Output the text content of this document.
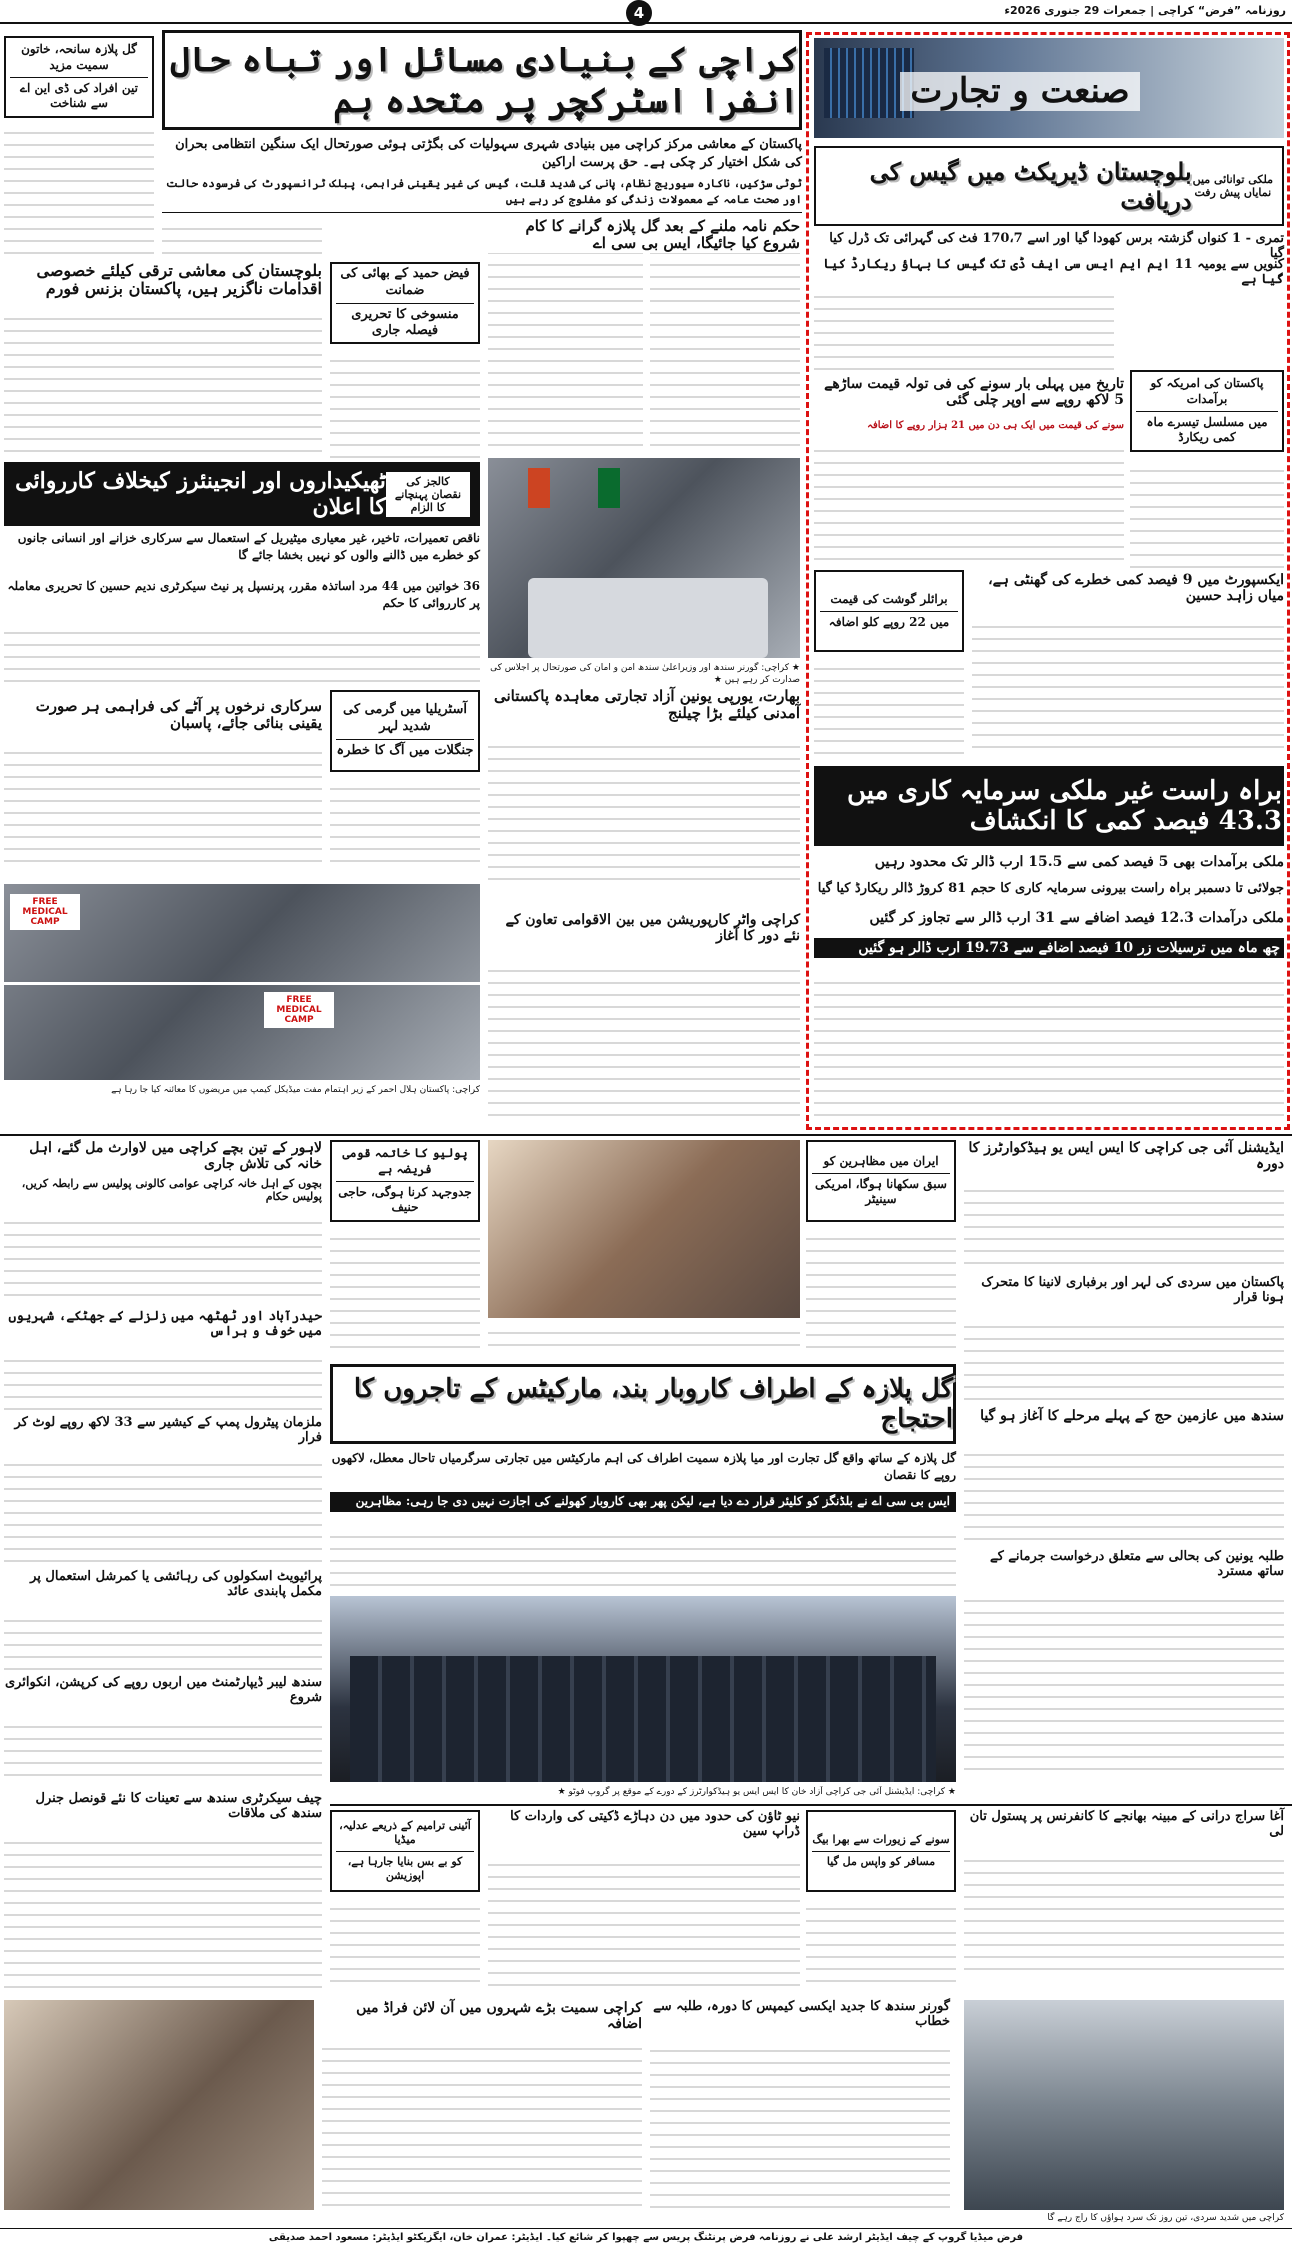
4	روزنامہ ”فرض“ کراچی | جمعرات 29 جنوری 2026ء
گل پلازہ سانحہ، خاتون سمیت مزید
تین افراد کی ڈی این اے سے شناخت
کراچی کے بنیادی مسائل اور تباہ حال انفرا اسٹرکچر پر متحدہ ہم
پاکستان کے معاشی مرکز کراچی میں بنیادی شہری سہولیات کی بگڑتی ہوئی صورتحال ایک سنگین انتظامی بحران کی شکل اختیار کر چکی ہے۔ حق پرست اراکین
ٹوٹی سڑکیں، ناکارہ سیوریج نظام، پانی کی شدید قلت، گیس کی غیر یقینی فراہمی، پبلک ٹرانسپورٹ کی فرسودہ حالت اور صحت عامہ کے معمولات زندگی کو مفلوج کر رہے ہیں
بلوچستان کی معاشی ترقی کیلئے خصوصی اقدامات ناگزیر ہیں، پاکستان بزنس فورم
فیض حمید کے بھائی کی ضمانت
منسوخی کا تحریری فیصلہ جاری
حکم نامہ ملنے کے بعد گل پلازہ گرانے کا کام شروع کیا جائیگا، ایس بی سی اے
ٹھیکیداروں اور انجینئرز کیخلاف کارروائی کا اعلان
کالجز کی نقصان پہنچانے کا الزام
ناقص تعمیرات، تاخیر، غیر معیاری میٹیریل کے استعمال سے سرکاری خزانے اور انسانی جانوں کو خطرے میں ڈالنے والوں کو نہیں بخشا جائے گا
36 خواتین میں 44 مرد اساتذہ مقرر، پرنسپل پر نیٹ سیکرٹری ندیم حسین کا تحریری معاملہ پر کارروائی کا حکم
★ کراچی: گورنر سندھ اور وزیراعلیٰ سندھ امن و امان کی صورتحال پر اجلاس کی صدارت کر رہے ہیں ★
سرکاری نرخوں پر آٹے کی فراہمی ہر صورت یقینی بنائی جائے، پاسبان
آسٹریلیا میں گرمی کی شدید لہر
جنگلات میں آگ کا خطرہ
بھارت، یورپی یونین آزاد تجارتی معاہدہ پاکستانی آمدنی کیلئے بڑا چیلنج
کراچی واٹر کارپوریشن میں بین الاقوامی تعاون کے نئے دور کا آغاز
FREE MEDICAL CAMP
FREE MEDICAL CAMP
کراچی: پاکستان ہلال احمر کے زیر اہتمام مفت میڈیکل کیمپ میں مریضوں کا معائنہ کیا جا رہا ہے
صنعت و تجارت
بلوچستان ڈیریکٹ میں گیس کی دریافت
ملکی توانائی میں نمایاں پیش رفت
تمری - 1 کنواں گزشتہ برس کھودا گیا اور اسے 170،7 فٹ کی گہرائی تک ڈرل کیا گیا
کنویں سے یومیہ 11 ایم ایم ایس سی ایف ڈی تک گیس کا بہاؤ ریکارڈ کیا گیا ہے
پاکستان کی امریکہ کو برآمدات
میں مسلسل تیسرے ماہ کمی ریکارڈ
تاریخ میں پہلی بار سونے کی فی تولہ قیمت ساڑھے 5 لاکھ روپے سے اوپر چلی گئی
سونے کی قیمت میں ایک ہی دن میں 21 ہزار روپے کا اضافہ
برائلر گوشت کی قیمت
میں 22 روپے کلو اضافہ
ایکسپورٹ میں 9 فیصد کمی خطرے کی گھنٹی ہے، میاں زاہد حسین
براہ راست غیر ملکی سرمایہ کاری میں 43.3 فیصد کمی کا انکشاف
ملکی برآمدات بھی 5 فیصد کمی سے 15.5 ارب ڈالر تک محدود رہیں
جولائی تا دسمبر براہ راست بیرونی سرمایہ کاری کا حجم 81 کروڑ ڈالر ریکارڈ کیا گیا
ملکی درآمدات 12.3 فیصد اضافے سے 31 ارب ڈالر سے تجاوز کر گئیں
چھ ماہ میں ترسیلات زر 10 فیصد اضافے سے 19.73 ارب ڈالر ہو گئیں
لاہور کے تین بچے کراچی میں لاوارث مل گئے، اہل خانہ کی تلاش جاری
بچوں کے اہل خانہ کراچی عوامی کالونی پولیس سے رابطہ کریں، پولیس حکام
پولیو کا خاتمہ قومی فریضہ ہے
جدوجہد کرنا ہوگی، حاجی حنیف
ایران میں مظاہرین کو
سبق سکھانا ہوگا، امریکی سینیٹر
ایڈیشنل آئی جی کراچی کا ایس ایس یو ہیڈکوارٹرز کا دورہ
پاکستان میں سردی کی لہر اور برفباری لانینا کا متحرک ہونا قرار
سندھ میں عازمین حج کے پہلے مرحلے کا آغاز ہو گیا
حیدرآباد اور ٹھٹھہ میں زلزلے کے جھٹکے، شہریوں میں خوف و ہراس
ملزمان پیٹرول پمپ کے کیشیر سے 33 لاکھ روپے لوٹ کر فرار
پرائیویٹ اسکولوں کی رہائشی یا کمرشل استعمال پر مکمل پابندی عائد
سندھ لیبر ڈیپارٹمنٹ میں اربوں روپے کی کرپشن، انکوائری شروع
چیف سیکرٹری سندھ سے تعینات کا نئے قونصل جنرل سندھ کی ملاقات
گل پلازہ کے اطراف کاروبار بند، مارکیٹس کے تاجروں کا احتجاج
گل پلازہ کے ساتھ واقع گل تجارت اور میا پلازہ سمیت اطراف کی اہم مارکیٹس میں تجارتی سرگرمیاں تاحال معطل، لاکھوں روپے کا نقصان
ایس بی سی اے نے بلڈنگز کو کلیئر قرار دے دیا ہے، لیکن پھر بھی کاروبار کھولنے کی اجازت نہیں دی جا رہی: مظاہرین
★ کراچی: ایڈیشنل آئی جی کراچی آزاد خان کا ایس ایس یو ہیڈکوارٹرز کے دورے کے موقع پر گروپ فوٹو ★
طلبہ یونین کی بحالی سے متعلق درخواست جرمانے کے ساتھ مسترد
آئینی ترامیم کے ذریعے عدلیہ، میڈیا
کو بے بس بنایا جارہا ہے، اپوزیشن
نیو ٹاؤن کی حدود میں دن دہاڑے ڈکیتی کی واردات کا ڈراپ سین
سونے کے زیورات سے بھرا بیگ
مسافر کو واپس مل گیا
آغا سراج درانی کے مبینہ بھانجے کا کانفرنس پر پستول تان لی
کراچی سمیت بڑے شہروں میں آن لائن فراڈ میں اضافہ
گورنر سندھ کا جدید ایکسی کیمپس کا دورہ، طلبہ سے خطاب
کراچی میں شدید سردی، تین روز تک سرد ہواؤں کا راج رہے گا
فرض میڈیا گروپ کے چیف ایڈیٹر ارشد علی نے روزنامہ فرض پرنٹنگ پریس سے چھپوا کر شائع کیا۔ ایڈیٹر: عمران خان، ایگزیکٹو ایڈیٹر: مسعود احمد صدیقی
